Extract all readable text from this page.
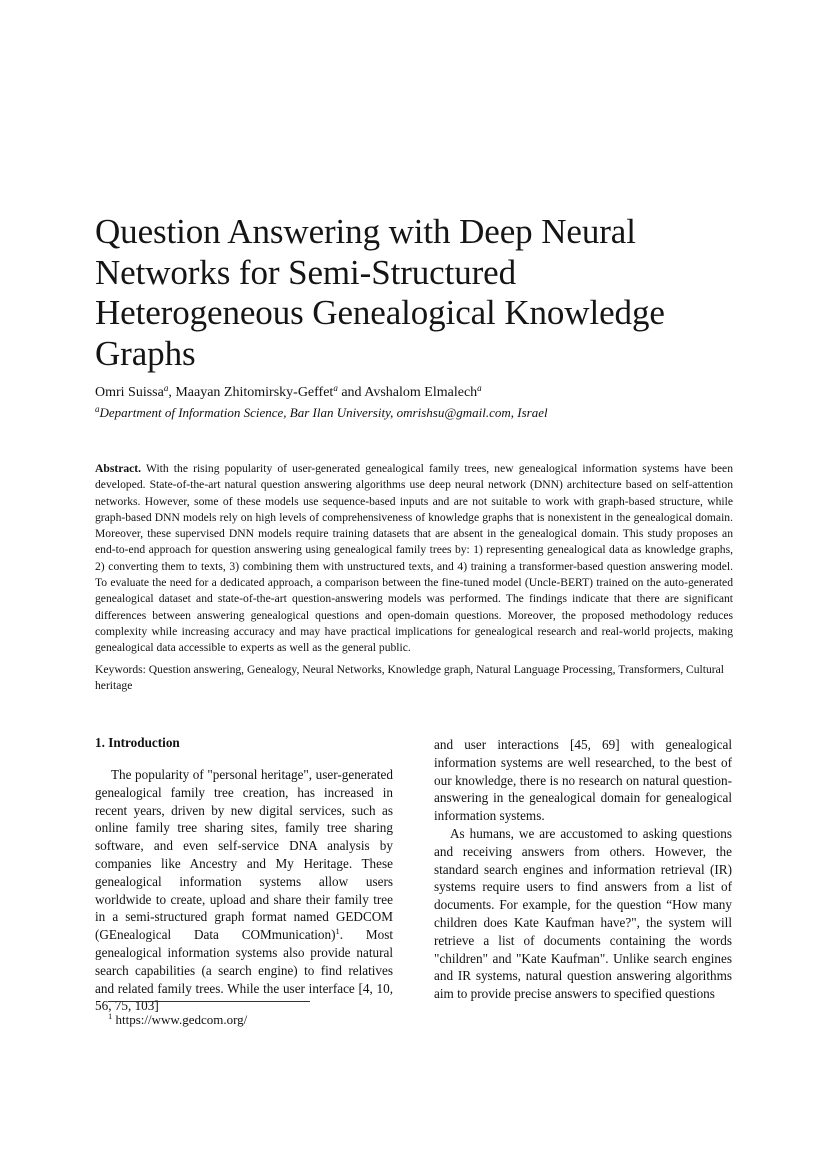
Question Answering with Deep Neural
Networks for Semi-Structured
Heterogeneous Genealogical Knowledge
Graphs
Omri Suissa$^a$, Maayan Zhitomirsky-Geffet$^a$ and Avshalom Elmalech$^a$
$^a$Department of Information Science, Bar Ilan University, omrishsu@gmail.com, Israel

Abstract. With the rising popularity of user-generated genealogical family trees, new genealogical information systems have been developed. State-of-the-art natural question answering algorithms use deep neural network (DNN) architecture based on self-attention networks. However, some of these models use sequence-based inputs and are not suitable to work with graph-based structure, while graph-based DNN models rely on high levels of comprehensiveness of knowledge graphs that is nonexistent in the genealogical domain. Moreover, these supervised DNN models require training datasets that are absent in the genealogical domain. This study proposes an end-to-end approach for question answering using genealogical family trees by: 1) representing genealogical data as knowledge graphs, 2) converting them to texts, 3) combining them with unstructured texts, and 4) training a transformer-based question answering model. To evaluate the need for a dedicated approach, a comparison between the fine-tuned model (Uncle-BERT) trained on the auto-generated genealogical dataset and state-of-the-art question-answering models was performed. The findings indicate that there are significant differences between answering genealogical questions and open-domain questions. Moreover, the proposed methodology reduces complexity while increasing accuracy and may have practical implications for genealogical research and real-world projects, making genealogical data accessible to experts as well as the general public.

Keywords: Question answering, Genealogy, Neural Networks, Knowledge graph, Natural Language Processing, Transformers, Cultural heritage

1. Introduction

The popularity of "personal heritage", user-generated genealogical family tree creation, has increased in recent years, driven by new digital services, such as online family tree sharing sites, family tree sharing software, and even self-service DNA analysis by companies like Ancestry and My Heritage. These genealogical information systems allow users worldwide to create, upload and share their family tree in a semi-structured graph format named GEDCOM (GEnealogical Data COMmunication)$^1$. Most genealogical information systems also provide natural search capabilities (a search engine) to find relatives and related family trees. While the user interface [4, 10, 56, 75, 103]

and user interactions [45, 69] with genealogical information systems are well researched, to the best of our knowledge, there is no research on natural question-answering in the genealogical domain for genealogical information systems.

As humans, we are accustomed to asking questions and receiving answers from others. However, the standard search engines and information retrieval (IR) systems require users to find answers from a list of documents. For example, for the question “How many children does Kate Kaufman have?", the system will retrieve a list of documents containing the words "children" and "Kate Kaufman". Unlike search engines and IR systems, natural question answering algorithms aim to provide precise answers to specified questions

$^1$ https://www.gedcom.org/
